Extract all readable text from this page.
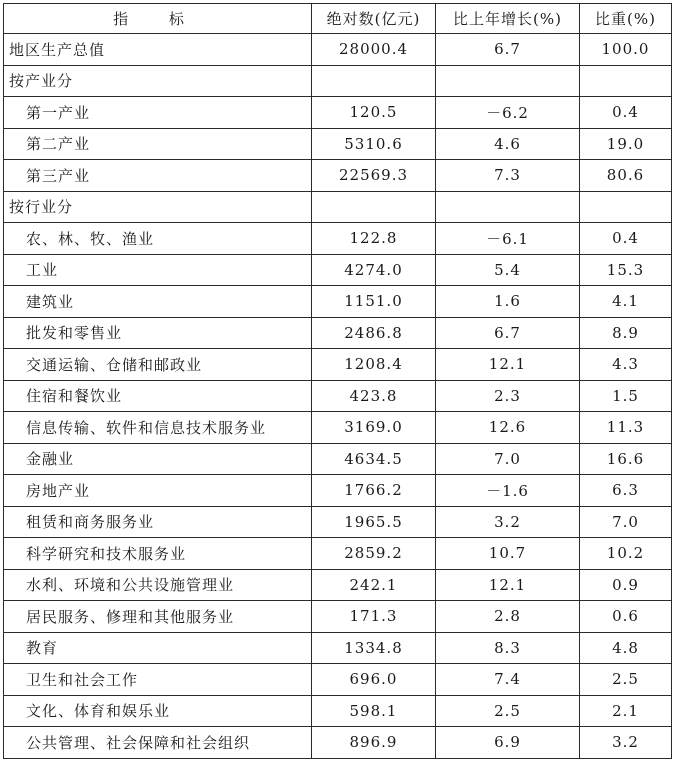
指 标	绝对数(亿元)	比上年增长(%)	比重(%)
地区生产总值	28000.4	6.7	100.0
按产业分			
第一产业	120.5	－6.2	0.4
第二产业	5310.6	4.6	19.0
第三产业	22569.3	7.3	80.6
按行业分			
农、林、牧、渔业	122.8	－6.1	0.4
工业	4274.0	5.4	15.3
建筑业	1151.0	1.6	4.1
批发和零售业	2486.8	6.7	8.9
交通运输、仓储和邮政业	1208.4	12.1	4.3
住宿和餐饮业	423.8	2.3	1.5
信息传输、软件和信息技术服务业	3169.0	12.6	11.3
金融业	4634.5	7.0	16.6
房地产业	1766.2	－1.6	6.3
租赁和商务服务业	1965.5	3.2	7.0
科学研究和技术服务业	2859.2	10.7	10.2
水利、环境和公共设施管理业	242.1	12.1	0.9
居民服务、修理和其他服务业	171.3	2.8	0.6
教育	1334.8	8.3	4.8
卫生和社会工作	696.0	7.4	2.5
文化、体育和娱乐业	598.1	2.5	2.1
公共管理、社会保障和社会组织	896.9	6.9	3.2
